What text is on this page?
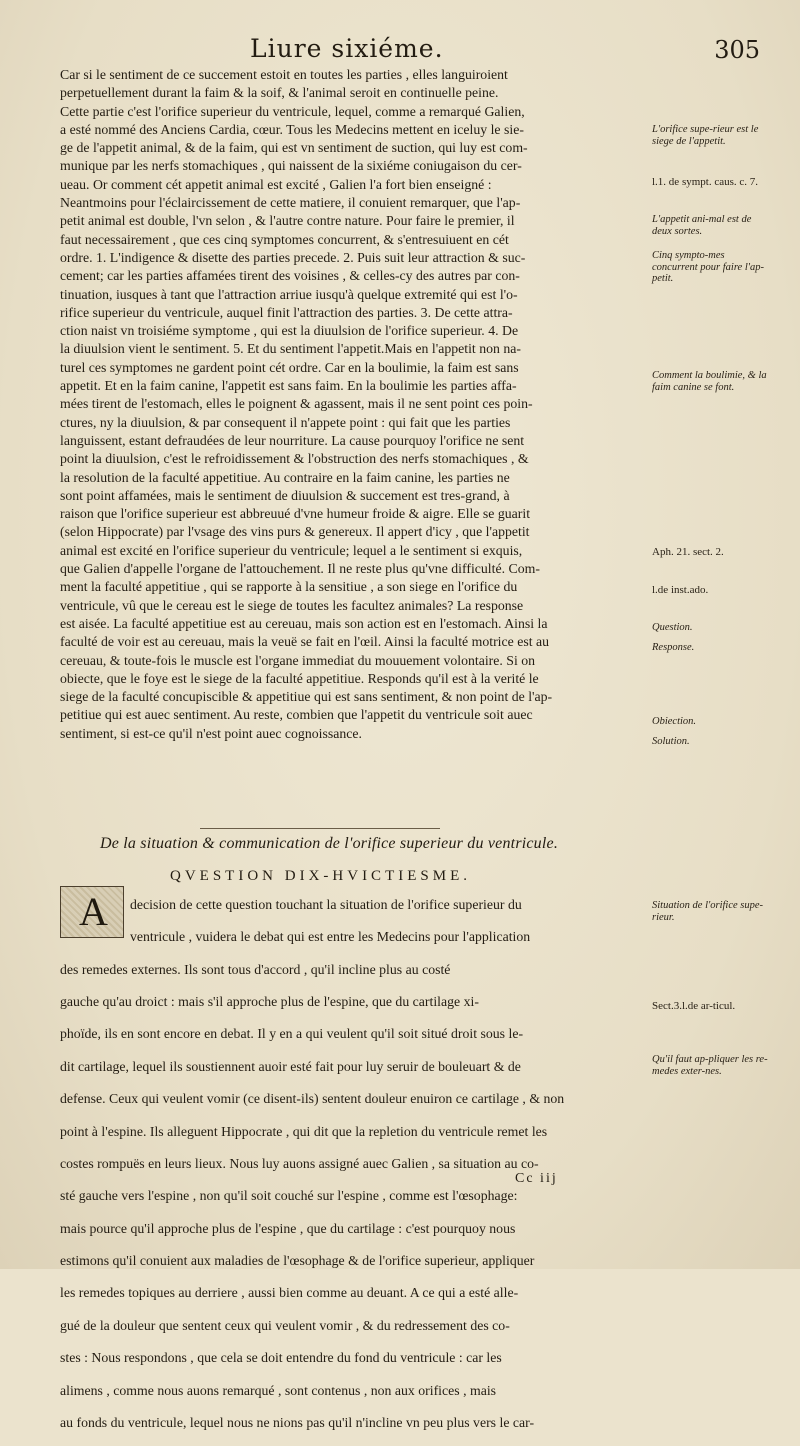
Liure sixiéme.	305

Car si le sentiment de ce succement estoit en toutes les parties , elles languiroient

perpetuellement durant la faim & la soif, & l'animal seroit en continuelle peine.

Cette partie c'est l'orifice superieur du ventricule, lequel, comme a remarqué Galien,

a esté nommé des Anciens Cardia, cœur. Tous les Medecins mettent en iceluy le sie-

ge de l'appetit animal, & de la faim, qui est vn sentiment de suction, qui luy est com-

munique par les nerfs stomachiques , qui naissent de la sixiéme coniugaison du cer-

ueau. Or comment cét appetit animal est excité , Galien l'a fort bien enseigné :

Neantmoins pour l'éclaircissement de cette matiere, il conuient remarquer, que l'ap-

petit animal est double, l'vn selon , & l'autre contre nature. Pour faire le premier, il

faut necessairement , que ces cinq symptomes concurrent, & s'entresuiuent en cét

ordre. 1. L'indigence & disette des parties precede. 2. Puis suit leur attraction & suc-

cement; car les parties affamées tirent des voisines , & celles-cy des autres par con-

tinuation, iusques à tant que l'attraction arriue iusqu'à quelque extremité qui est l'o-

rifice superieur du ventricule, auquel finit l'attraction des parties. 3. De cette attra-

ction naist vn troisiéme symptome , qui est la diuulsion de l'orifice superieur. 4. De

la diuulsion vient le sentiment. 5. Et du sentiment l'appetit.Mais en l'appetit non na-

turel ces symptomes ne gardent point cét ordre. Car en la boulimie, la faim est sans

appetit. Et en la faim canine, l'appetit est sans faim. En la boulimie les parties affa-

mées tirent de l'estomach, elles le poignent & agassent, mais il ne sent point ces poin-

ctures, ny la diuulsion, & par consequent il n'appete point : qui fait que les parties

languissent, estant defraudées de leur nourriture. La cause pourquoy l'orifice ne sent

point la diuulsion, c'est le refroidissement & l'obstruction des nerfs stomachiques , &

la resolution de la faculté appetitiue. Au contraire en la faim canine, les parties ne

sont point affamées, mais le sentiment de diuulsion & succement est tres-grand, à

raison que l'orifice superieur est abbreuué d'vne humeur froide & aigre. Elle se guarit

(selon Hippocrate) par l'vsage des vins purs & genereux. Il appert d'icy , que l'appetit

animal est excité en l'orifice superieur du ventricule; lequel a le sentiment si exquis,

que Galien d'appelle l'organe de l'attouchement. Il ne reste plus qu'vne difficulté. Com-

ment la faculté appetitiue , qui se rapporte à la sensitiue , a son siege en l'orifice du

ventricule, vû que le cereau est le siege de toutes les facultez animales? La response

est aisée. La faculté appetitiue est au cereuau, mais son action est en l'estomach. Ainsi la

faculté de voir est au cereuau, mais la veuë se fait en l'œil. Ainsi la faculté motrice est au

cereuau, & toute-fois le muscle est l'organe immediat du mouuement volontaire. Si on

obiecte, que le foye est le siege de la faculté appetitiue. Responds qu'il est à la verité le

siege de la faculté concupiscible & appetitiue qui est sans sentiment, & non point de l'ap-

petitiue qui est auec sentiment. Au reste, combien que l'appetit du ventricule soit auec

sentiment, si est-ce qu'il n'est point auec cognoissance.

L'orifice supe-rieur est le siege de l'appetit.
l.1. de sympt. caus. c. 7.
L'appetit ani-mal est de deux sortes.
Cinq sympto-mes concurrent pour faire l'ap-petit.
Comment la boulimie, & la faim canine se font.
Aph. 21. sect. 2.
l.de inst.ado.
Question.
Response.
Obiection.
Solution.
Situation de l'orifice supe-rieur.
Sect.3.l.de ar-ticul.
Qu'il faut ap-pliquer les re-medes exter-nes.
De la situation & communication de l'orifice superieur du ventricule.
QVESTION DIX-HVICTIESME.
A	decision de cette question touchant la situation de l'orifice superieur du

ventricule , vuidera le debat qui est entre les Medecins pour l'application

des remedes externes. Ils sont tous d'accord , qu'il incline plus au costé

gauche qu'au droict : mais s'il approche plus de l'espine, que du cartilage xi-

phoïde, ils en sont encore en debat. Il y en a qui veulent qu'il soit situé droit sous le-

dit cartilage, lequel ils soustiennent auoir esté fait pour luy seruir de bouleuart & de

defense. Ceux qui veulent vomir (ce disent-ils) sentent douleur enuiron ce cartilage , & non

point à l'espine. Ils alleguent Hippocrate , qui dit que la repletion du ventricule remet les

costes rompuës en leurs lieux. Nous luy auons assigné auec Galien , sa situation au co-

sté gauche vers l'espine , non qu'il soit couché sur l'espine , comme est l'œsophage:

mais pource qu'il approche plus de l'espine , que du cartilage : c'est pourquoy nous

estimons qu'il conuient aux maladies de l'œsophage & de l'orifice superieur, appliquer

les remedes topiques au derriere , aussi bien comme au deuant. A ce qui a esté alle-

gué de la douleur que sentent ceux qui veulent vomir , & du redressement des co-

stes : Nous respondons , que cela se doit entendre du fond du ventricule : car les

alimens , comme nous auons remarqué , sont contenus , non aux orifices , mais

au fonds du ventricule, lequel nous ne nions pas qu'il n'incline vn peu plus vers le car-

Cc iij
